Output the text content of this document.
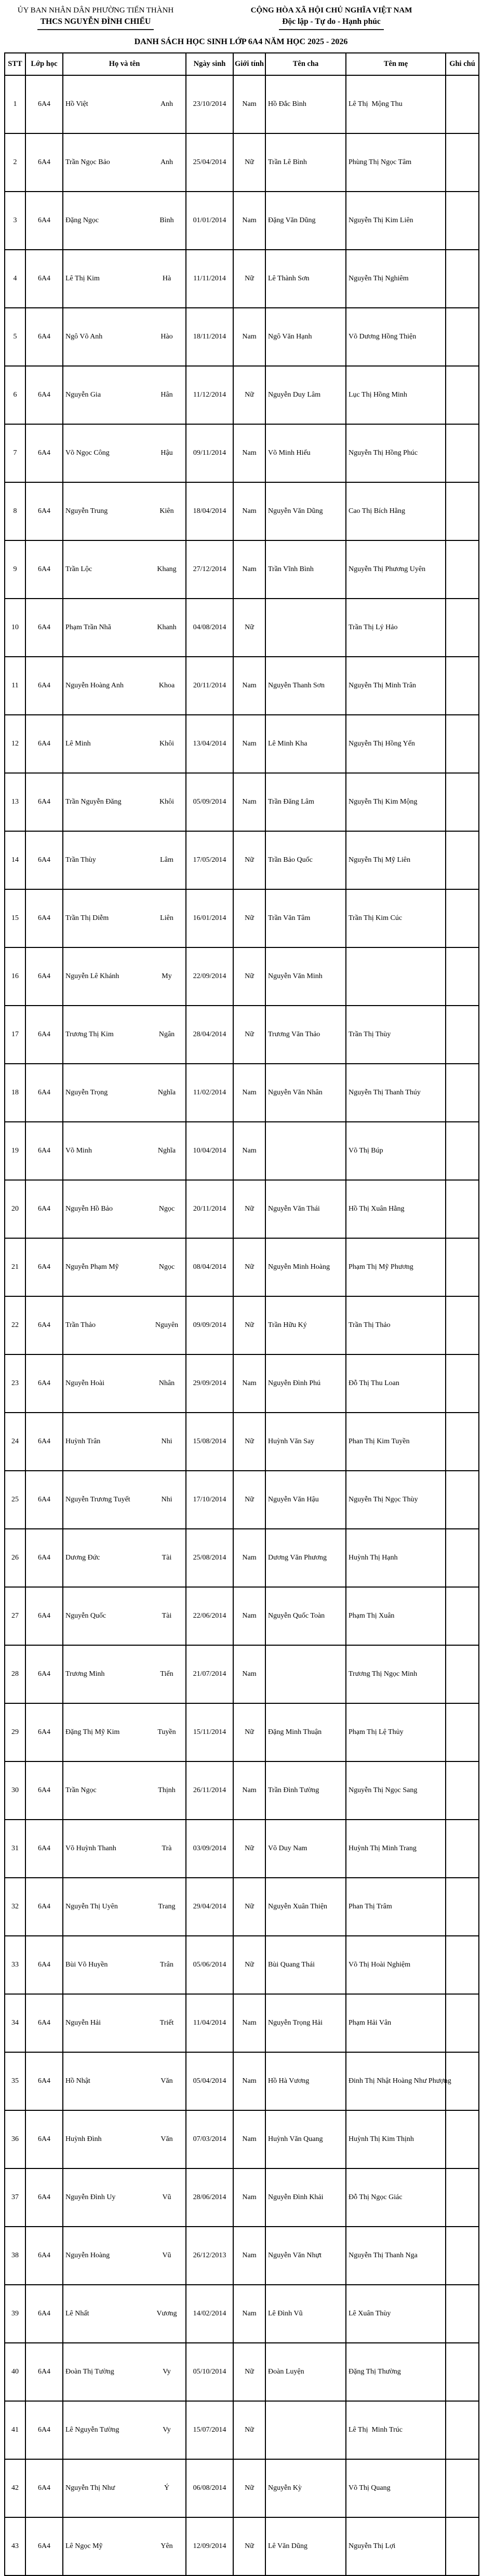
ỦY BAN NHÂN DÂN PHƯỜNG TIẾN THÀNH
THCS NGUYỄN ĐÌNH CHIỂU
CỘNG HÒA XÃ HỘI CHỦ NGHĨA VIỆT NAM
Độc lập - Tự do - Hạnh phúc
DANH SÁCH HỌC SINH LỚP 6A4 NĂM HỌC 2025 - 2026
STT	Lớp học	Họ và tên	Ngày sinh	Giới tính	Tên cha	Tên mẹ	Ghi chú
1	6A4	Hồ Việt Anh	23/10/2014	Nam	Hồ Đắc Bình	Lê Thị  Mộng Thu	
2	6A4	Trần Ngọc Bảo Anh	25/04/2014	Nữ	Trần Lê Bình	Phùng Thị Ngọc Tâm	
3	6A4	Đặng Ngọc Bình	01/01/2014	Nam	Đặng Văn Dũng	Nguyễn Thị Kim Liên	
4	6A4	Lê Thị Kim Hà	11/11/2014	Nữ	Lê Thành Sơn	Nguyễn Thị Nghiêm	
5	6A4	Ngô Võ Anh Hào	18/11/2014	Nam	Ngô Văn Hạnh	Võ Dương Hồng Thiện	
6	6A4	Nguyễn Gia Hân	11/12/2014	Nữ	Nguyễn Duy Lâm	Lục Thị Hồng Minh	
7	6A4	Võ Ngọc Công Hậu	09/11/2014	Nam	Võ Minh Hiếu	Nguyễn Thị Hồng Phúc	
8	6A4	Nguyễn Trung Kiên	18/04/2014	Nam	Nguyễn Văn Dũng	Cao Thị Bích Hằng	
9	6A4	Trần Lộc Khang	27/12/2014	Nam	Trần Vĩnh Bình	Nguyễn Thị Phương Uyên	
10	6A4	Phạm Trần Nhã Khanh	04/08/2014	Nữ		Trần Thị Lý Hảo	
11	6A4	Nguyễn Hoàng Anh Khoa	20/11/2014	Nam	Nguyễn Thanh Sơn	Nguyễn Thị Minh Trân	
12	6A4	Lê Minh Khôi	13/04/2014	Nam	Lê Minh Kha	Nguyễn Thị Hồng Yến	
13	6A4	Trần Nguyễn Đăng Khôi	05/09/2014	Nam	Trần Đăng Lâm	Nguyễn Thị Kim Mộng	
14	6A4	Trần Thùy Lâm	17/05/2014	Nữ	Trần Bảo Quốc	Nguyễn Thị Mỹ Liên	
15	6A4	Trần Thị Diễm Liên	16/01/2014	Nữ	Trần Văn Tâm	Trần Thị Kim Cúc	
16	6A4	Nguyễn Lê Khánh My	22/09/2014	Nữ	Nguyễn Văn Minh		
17	6A4	Trương Thị Kim Ngân	28/04/2014	Nữ	Trương Văn Thảo	Trần Thị Thùy	
18	6A4	Nguyễn Trọng Nghĩa	11/02/2014	Nam	Nguyễn Văn Nhân	Nguyễn Thị Thanh Thúy	
19	6A4	Võ Minh Nghĩa	10/04/2014	Nam		Võ Thị Búp	
20	6A4	Nguyễn Hồ Bảo Ngọc	20/11/2014	Nữ	Nguyễn Văn Thái	Hồ Thị Xuân Hằng	
21	6A4	Nguyễn Phạm Mỹ Ngọc	08/04/2014	Nữ	Nguyễn Minh Hoàng	Phạm Thị Mỹ Phương	
22	6A4	Trần Thảo Nguyên	09/09/2014	Nữ	Trần Hữu Ký	Trần Thị Thảo	
23	6A4	Nguyễn Hoài Nhân	29/09/2014	Nam	Nguyễn Đình Phú	Đỗ Thị Thu Loan	
24	6A4	Huỳnh Trân Nhi	15/08/2014	Nữ	Huỳnh Văn Say	Phan Thị Kim Tuyền	
25	6A4	Nguyễn Trương Tuyết Nhi	17/10/2014	Nữ	Nguyễn Văn Hậu	Nguyễn Thị Ngọc Thùy	
26	6A4	Dương Đức Tài	25/08/2014	Nam	Dương Văn Phương	Huỳnh Thị Hạnh	
27	6A4	Nguyễn Quốc Tài	22/06/2014	Nam	Nguyễn Quốc Toàn	Phạm Thị Xuân	
28	6A4	Trương Minh Tiến	21/07/2014	Nam		Trương Thị Ngọc Minh	
29	6A4	Đặng Thị Mỹ Kim Tuyền	15/11/2014	Nữ	Đặng Minh Thuận	Phạm Thị Lệ Thủy	
30	6A4	Trần Ngọc Thịnh	26/11/2014	Nam	Trần Đình Tường	Nguyễn Thị Ngọc Sang	
31	6A4	Võ Huỳnh Thanh Trà	03/09/2014	Nữ	Võ Duy Nam	Huỳnh Thị Minh Trang	
32	6A4	Nguyễn Thị Uyên Trang	29/04/2014	Nữ	Nguyễn Xuân Thiện	Phan Thị Trâm	
33	6A4	Bùi Võ Huyền Trân	05/06/2014	Nữ	Bùi Quang Thái	Võ Thị Hoài Nghiệm	
34	6A4	Nguyễn Hải Triết	11/04/2014	Nam	Nguyễn Trọng Hải	Phạm Hải Vân	
35	6A4	Hồ Nhật Văn	05/04/2014	Nam	Hồ Hà Vương	Đinh Thị Nhật Hoàng Như Phượng	
36	6A4	Huỳnh Đình Văn	07/03/2014	Nam	Huỳnh Văn Quang	Huỳnh Thị Kim Thịnh	
37	6A4	Nguyễn Đình Uy Vũ	28/06/2014	Nam	Nguyễn Đình Khải	Đỗ Thị Ngọc Giác	
38	6A4	Nguyễn Hoàng Vũ	26/12/2013	Nam	Nguyễn Văn Nhựt	Nguyễn Thị Thanh Nga	
39	6A4	Lê Nhất Vương	14/02/2014	Nam	Lê Đình Vũ	Lê Xuân Thùy	
40	6A4	Đoàn Thị Tường Vy	05/10/2014	Nữ	Đoàn Luyện	Đặng Thị Thường	
41	6A4	Lê Nguyễn Tường Vy	15/07/2014	Nữ		Lê Thị  Minh Trúc	
42	6A4	Nguyễn Thị Như Ý	06/08/2014	Nữ	Nguyễn Kỳ	Võ Thị Quang	
43	6A4	Lê Ngọc Mỹ Yên	12/09/2014	Nữ	Lê Văn Dũng	Nguyễn Thị Lợi	
